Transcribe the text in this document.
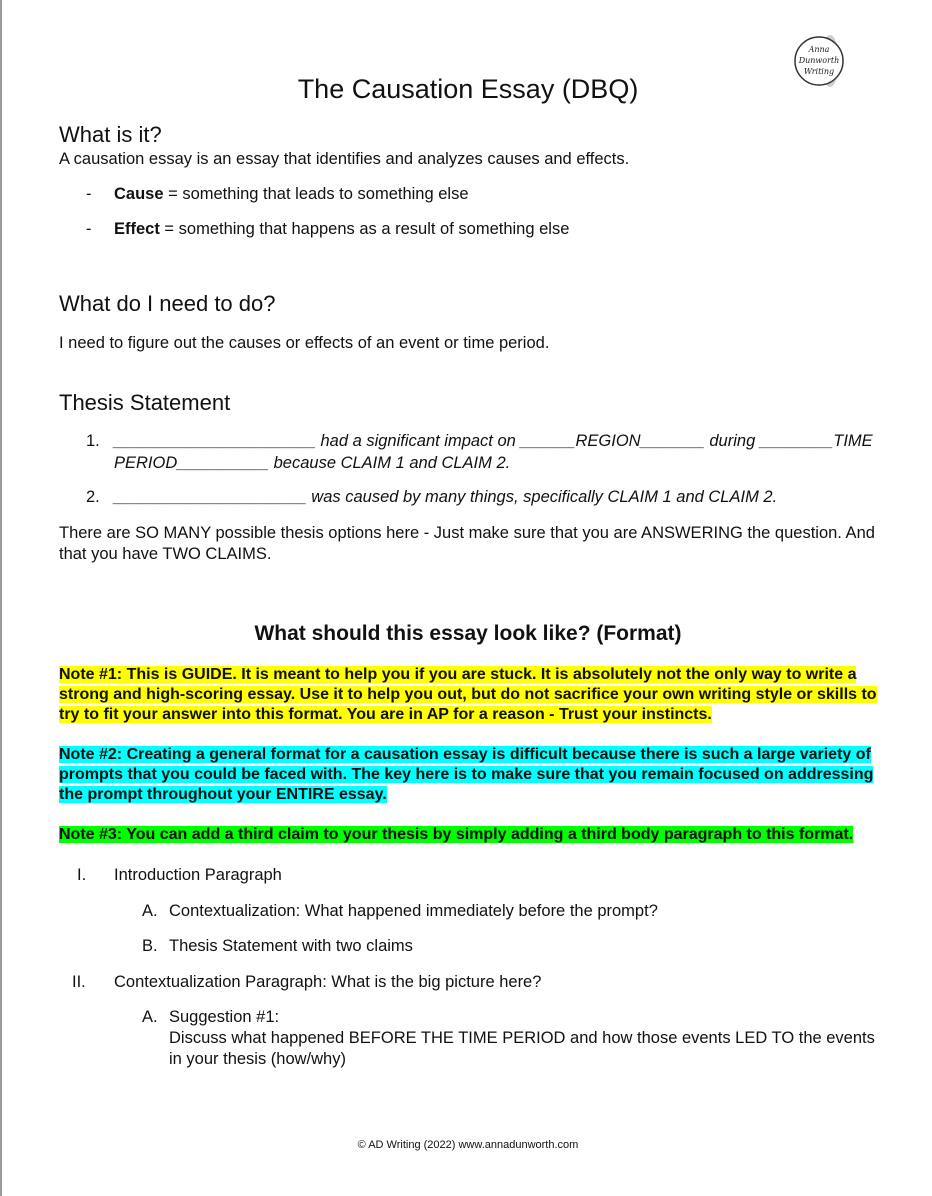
Anna
Dunworth
Writing
The Causation Essay (DBQ)
What is it?
A causation essay is an essay that identifies and analyzes causes and effects.
- Cause = something that leads to something else
- Effect = something that happens as a result of something else
What do I need to do?
I need to figure out the causes or effects of an event or time period.
Thesis Statement
1. ______________________ had a significant impact on ______REGION_______ during ________TIME
PERIOD__________ because CLAIM 1 and CLAIM 2.
2. _____________________ was caused by many things, specifically CLAIM 1 and CLAIM 2.
There are SO MANY possible thesis options here - Just make sure that you are ANSWERING the question. And
that you have TWO CLAIMS.
What should this essay look like? (Format)
Note #1: This is GUIDE. It is meant to help you if you are stuck. It is absolutely not the only way to write a strong and high-scoring essay. Use it to help you out, but do not sacrifice your own writing style or skills to try to fit your answer into this format. You are in AP for a reason - Trust your instincts.
Note #2: Creating a general format for a causation essay is difficult because there is such a large variety of prompts that you could be faced with. The key here is to make sure that you remain focused on addressing the prompt throughout your ENTIRE essay.
Note #3: You can add a third claim to your thesis by simply adding a third body paragraph to this format.
I. Introduction Paragraph
A. Contextualization: What happened immediately before the prompt?
B. Thesis Statement with two claims
II. Contextualization Paragraph: What is the big picture here?
A. Suggestion #1:
Discuss what happened BEFORE THE TIME PERIOD and how those events LED TO the events
in your thesis (how/why)
© AD Writing (2022) www.annadunworth.com
